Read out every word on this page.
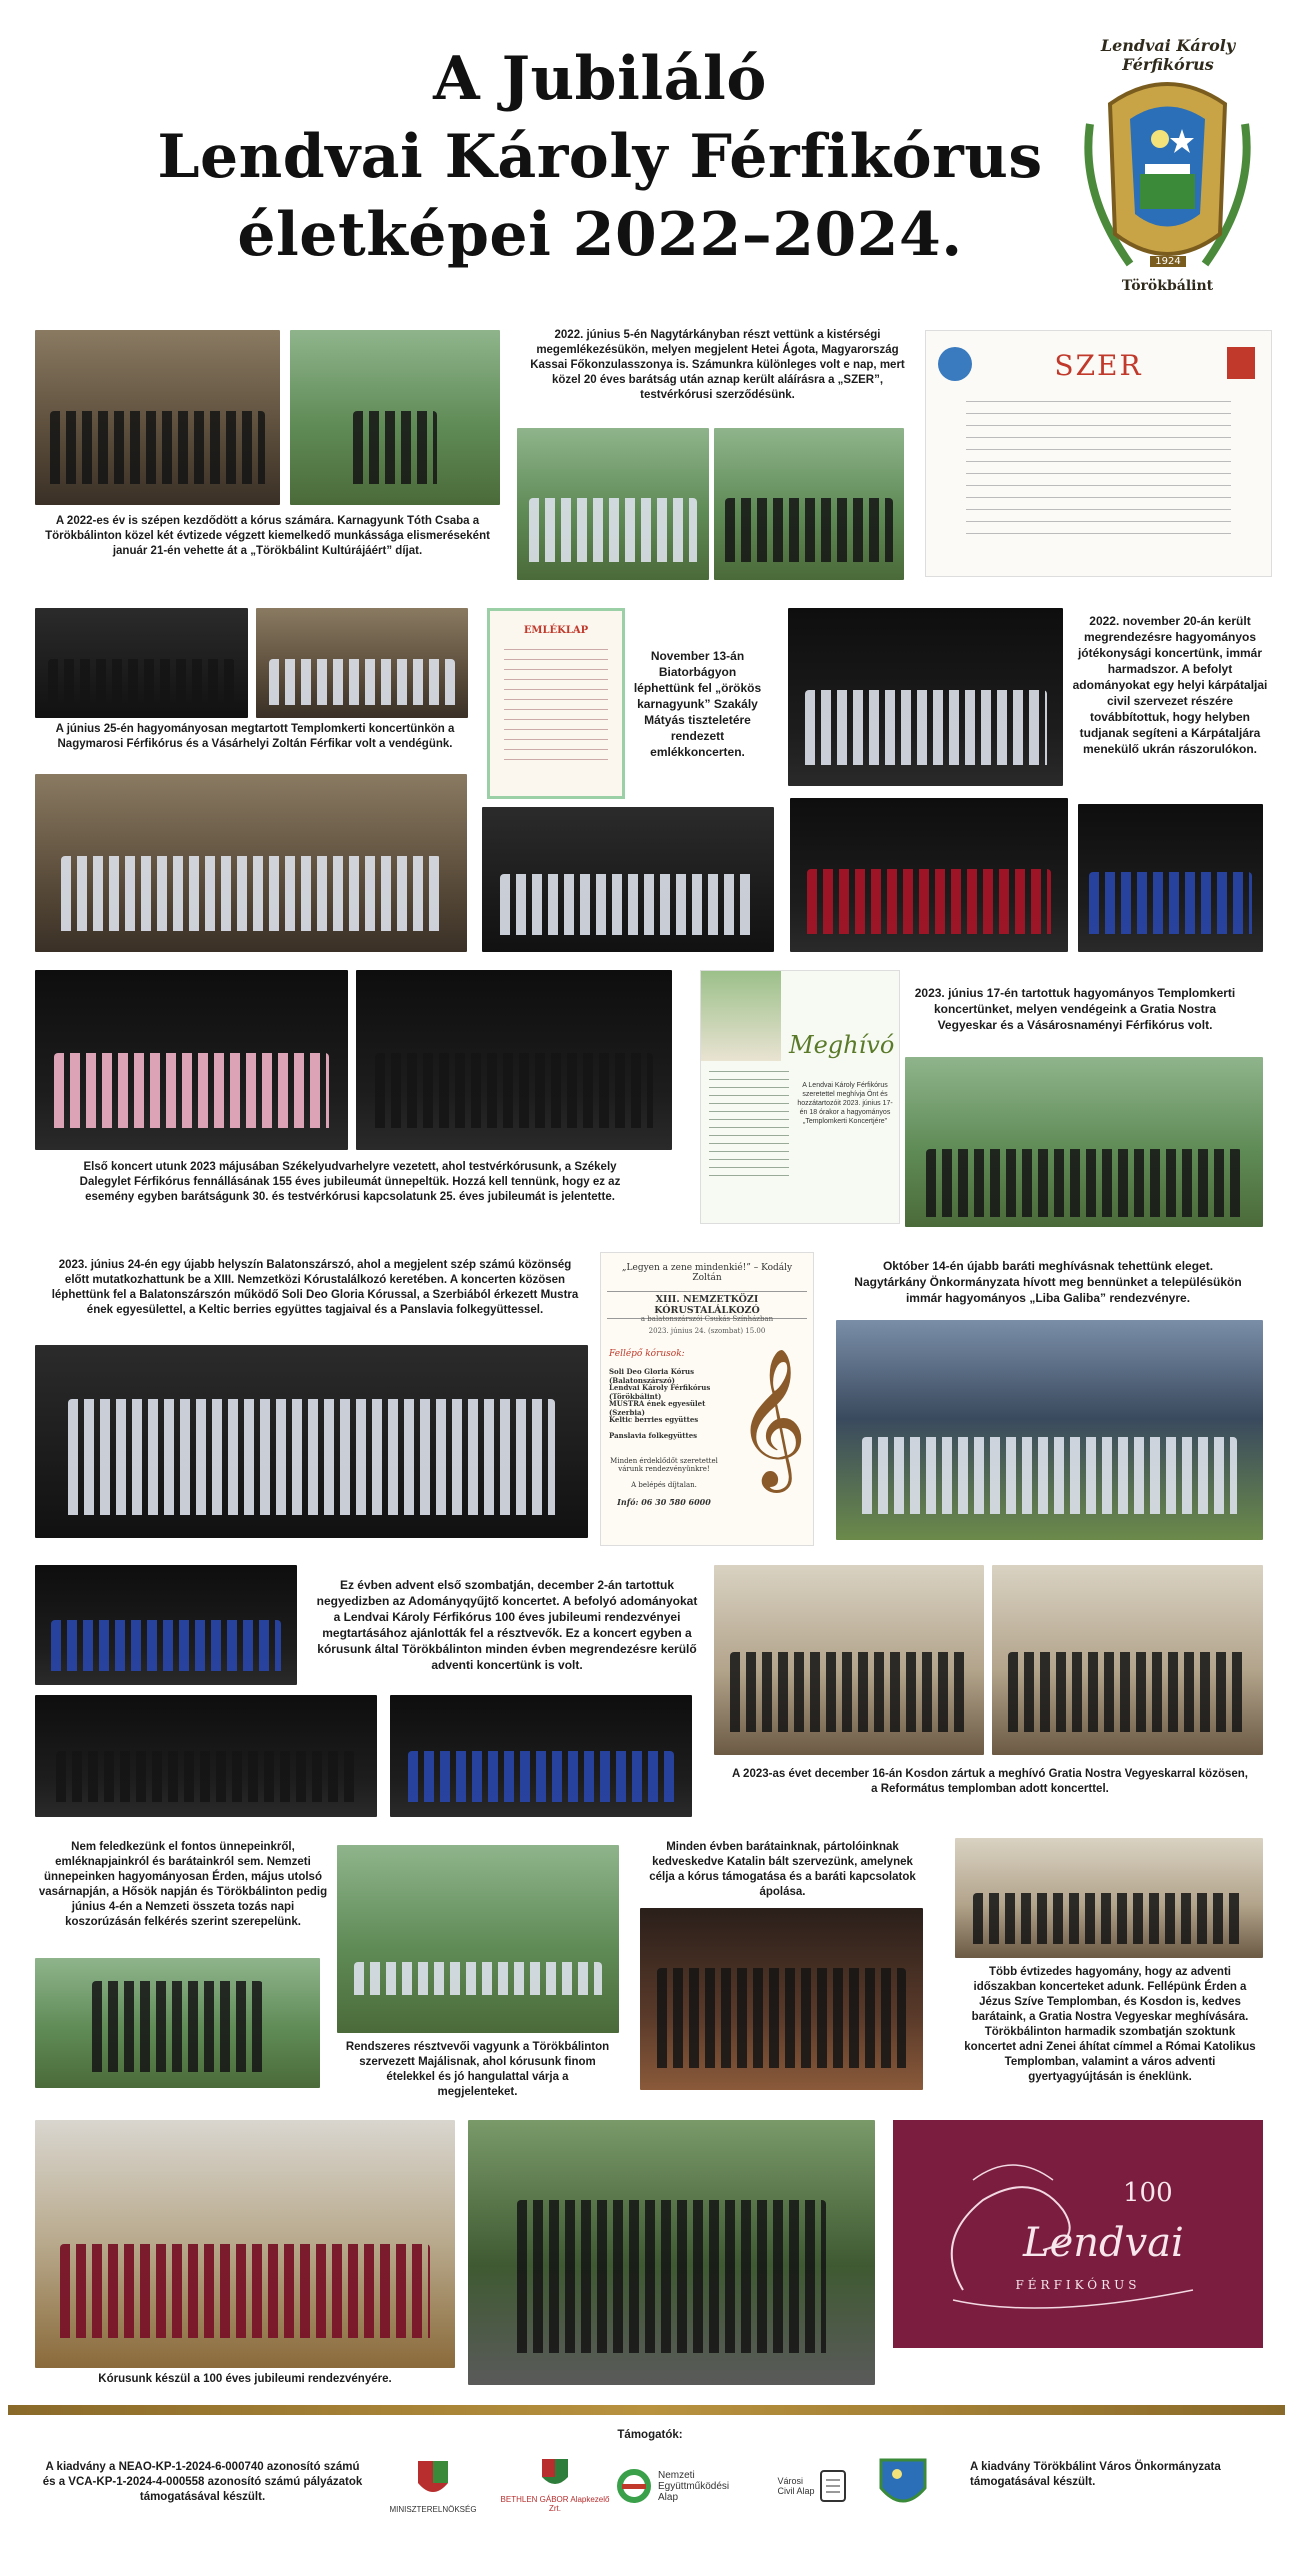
A Jubiláló
Lendvai Károly Férfikórus
életképei 2022–2024.
Lendvai Károly Férfikórus
1924
Törökbálint
A 2022-es év is szépen kezdődött a kórus számára. Karnagyunk Tóth Csaba a Törökbálinton közel két évtizede végzett kiemelkedő munkássága elismeréseként január 21-én vehette át a „Törökbálint Kultúrájáért” díjat.
2022. június 5-én Nagytárkányban részt vettünk a kistérségi megemlékezésükön, melyen megjelent Hetei Ágota, Magyarország Kassai Főkonzulasszonya is. Számunkra különleges volt e nap, mert közel 20 éves barátság után aznap került aláírásra a „SZER”, testvérkórusi szerződésünk.
SZER
A június 25-én hagyományosan megtartott Templomkerti koncertünkön a Nagymarosi Férfikórus és a Vásárhelyi Zoltán Férfikar volt a vendégünk.
EMLÉKLAP
November 13-án Biatorbágyon léphettünk fel „örökös karnagyunk” Szakály Mátyás tiszteletére rendezett emlékkoncerten.
2022. november 20-án került megrendezésre hagyományos jótékonysági koncertünk, immár harmadszor. A befolyt adományokat egy helyi kárpátaljai civil szervezet részére továbbítottuk, hogy helyben tudjanak segíteni a Kárpátaljára menekülő ukrán rászorulókon.
Első koncert utunk 2023 májusában Székelyudvarhelyre vezetett, ahol testvérkórusunk, a Székely Dalegylet Férfikórus fennállásának 155 éves jubileumát ünnepeltük. Hozzá kell tennünk, hogy ez az esemény egyben barátságunk 30. és testvérkórusi kapcsolatunk 25. éves jubileumát is jelentette.
Meghívó
A Lendvai Károly Férfikórus szeretettel meghívja Önt és hozzátartozóit 2023. június 17-én 18 órakor a hagyományos „Templomkerti Koncertjére”
2023. június 17-én tartottuk hagyományos Templomkerti koncertünket, melyen vendégeink a Gratia Nostra Vegyeskar és a Vásárosnaményi Férfikórus volt.
2023. június 24-én egy újabb helyszín Balatonszárszó, ahol a megjelent szép számú közönség előtt mutatkozhattunk be a XIII. Nemzetközi Kórustalálkozó keretében. A koncerten közösen léphettünk fel a Balatonszárszón működő Soli Deo Gloria Kórussal, a Szerbiából érkezett Mustra ének egyesülettel, a Keltic berries együttes tagjaival és a Panslavia folkegyüttessel.
„Legyen a zene mindenkié!” – Kodály Zoltán
XIII. NEMZETKÖZI KÓRUSTALÁLKOZÓ
a balatonszárszói Csukás Színházban
2023. június 24. (szombat) 15.00
Fellépő kórusok:
Soli Deo Gloria Kórus (Balatonszárszó)
Lendvai Károly Férfikórus (Törökbálint)
MUSTRA ének egyesület (Szerbia)
Keltic berries együttes
Panslavia folkegyüttes
Minden érdeklődőt szeretettel várunk rendezvényünkre!
A belépés díjtalan.
Infó: 06 30 580 6000
𝄞
Október 14-én újabb baráti meghívásnak tehettünk eleget. Nagytárkány Önkormányzata hívott meg bennünket a településükön immár hagyományos „Liba Galiba” rendezvényre.
Ez évben advent első szombatján, december 2-án tartottuk negyedizben az Adományqyűjtő koncertet. A befolyó adományokat a Lendvai Károly Férfikórus 100 éves jubileumi rendezvényei megtartásához ajánlották fel a résztvevők. Ez a koncert egyben a kórusunk által Törökbálinton minden évben megrendezésre kerülő adventi koncertünk is volt.
A 2023-as évet december 16-án Kosdon zártuk a meghívó Gratia Nostra Vegyeskarral közösen, a Református templomban adott koncerttel.
Nem feledkezünk el fontos ünnepeinkről, emléknapjainkról és barátainkról sem. Nemzeti ünnepeinken hagyományosan Érden, május utolsó vasárnapján, a Hősök napján és Törökbálinton pedig június 4-én a Nemzeti összeta tozás napi koszorúzásán felkérés szerint szerepelünk.
Rendszeres résztvevői vagyunk a Törökbálinton szervezett Majálisnak, ahol kórusunk finom ételekkel és jó hangulattal várja a megjelenteket.
Minden évben barátainknak, pártolóinknak kedveskedve Katalin bált szervezünk, amelynek célja a kórus támogatása és a baráti kapcsolatok ápolása.
Több évtizedes hagyomány, hogy az adventi időszakban koncerteket adunk. Fellépünk Érden a Jézus Szíve Templomban, és Kosdon is, kedves barátaink, a Gratia Nostra Vegyeskar meghívására. Törökbálinton harmadik szombatján szoktunk koncertet adni Zenei áhítat címmel a Római Katolikus Templomban, valamint a város adventi gyertyagyújtásán is éneklünk.
Kórusunk készül a 100 éves jubileumi rendezvényére.
100
Lendvai
FÉRFIKÓRUS
Támogatók:
A kiadvány a NEAO-KP-1-2024-6-000740 azonosító számú és a VCA-KP-1-2024-4-000558 azonosító számú pályázatok támogatásával készült.
MINISZTERELNÖKSÉG
BETHLEN GÁBOR Alapkezelő Zrt.
Nemzeti Együttműködési Alap
Városi Civil Alap
A kiadvány Törökbálint Város Önkormányzata támogatásával készült.
